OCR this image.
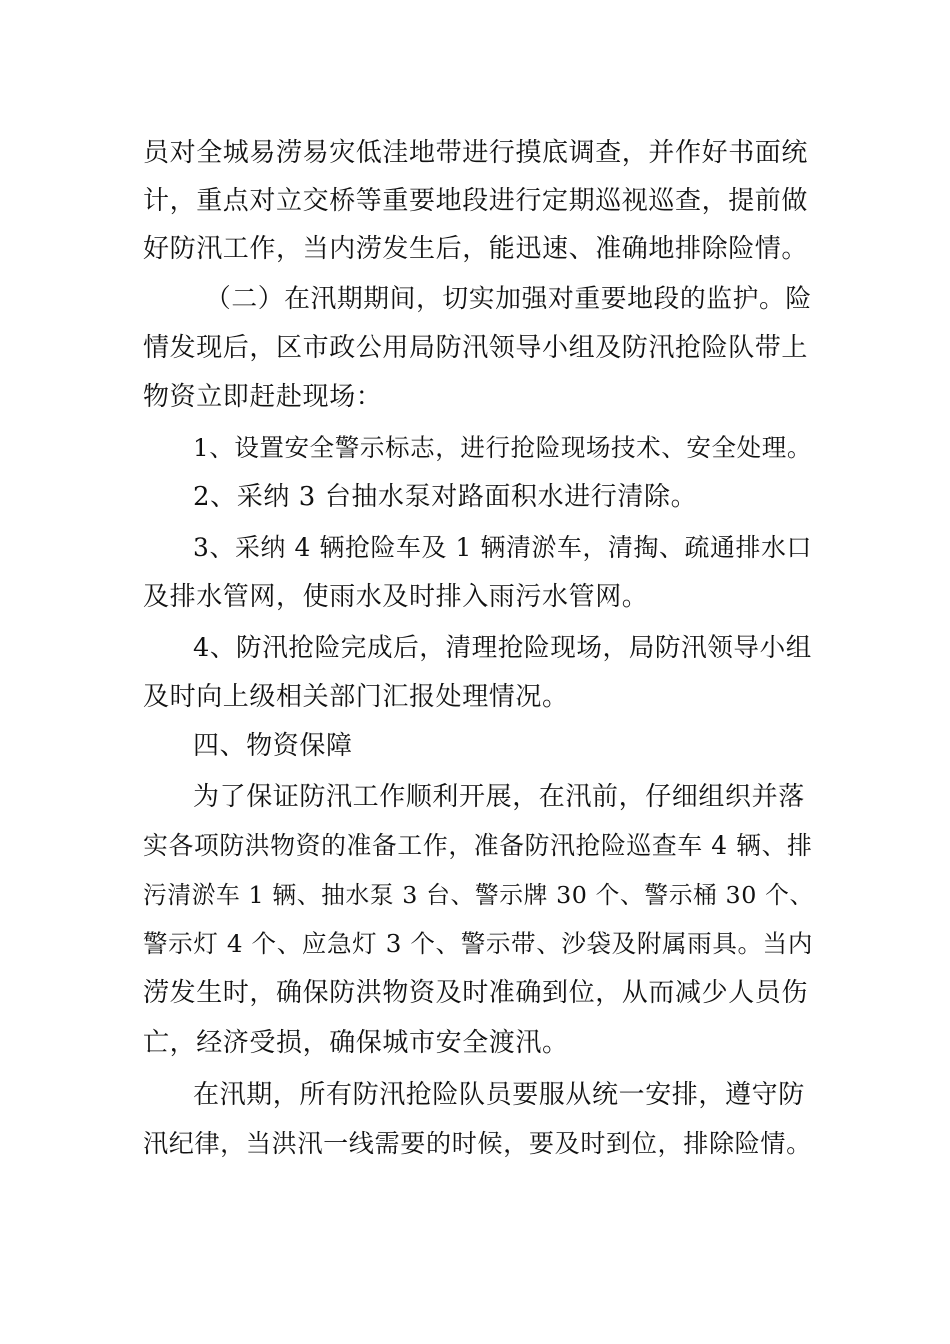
员对全城易涝易灾低洼地带进行摸底调查，并作好书面统
计，重点对立交桥等重要地段进行定期巡视巡查，提前做
好防汛工作，当内涝发生后，能迅速、准确地排除险情。
（二）在汛期期间，切实加强对重要地段的监护。险
情发现后，区市政公用局防汛领导小组及防汛抢险队带上
物资立即赶赴现场：
1、设置安全警示标志，进行抢险现场技术、安全处理。
2、采纳 3 台抽水泵对路面积水进行清除。
3、采纳 4 辆抢险车及 1 辆清淤车，清掏、疏通排水口
及排水管网，使雨水及时排入雨污水管网。
4、防汛抢险完成后，清理抢险现场，局防汛领导小组
及时向上级相关部门汇报处理情况。
四、物资保障
为了保证防汛工作顺利开展，在汛前，仔细组织并落
实各项防洪物资的准备工作，准备防汛抢险巡查车 4 辆、排
污清淤车 1 辆、抽水泵 3 台、警示牌 30 个、警示桶 30 个、
警示灯 4 个、应急灯 3 个、警示带、沙袋及附属雨具。当内
涝发生时，确保防洪物资及时准确到位，从而减少人员伤
亡，经济受损，确保城市安全渡汛。
在汛期，所有防汛抢险队员要服从统一安排，遵守防
汛纪律，当洪汛一线需要的时候，要及时到位，排除险情。
